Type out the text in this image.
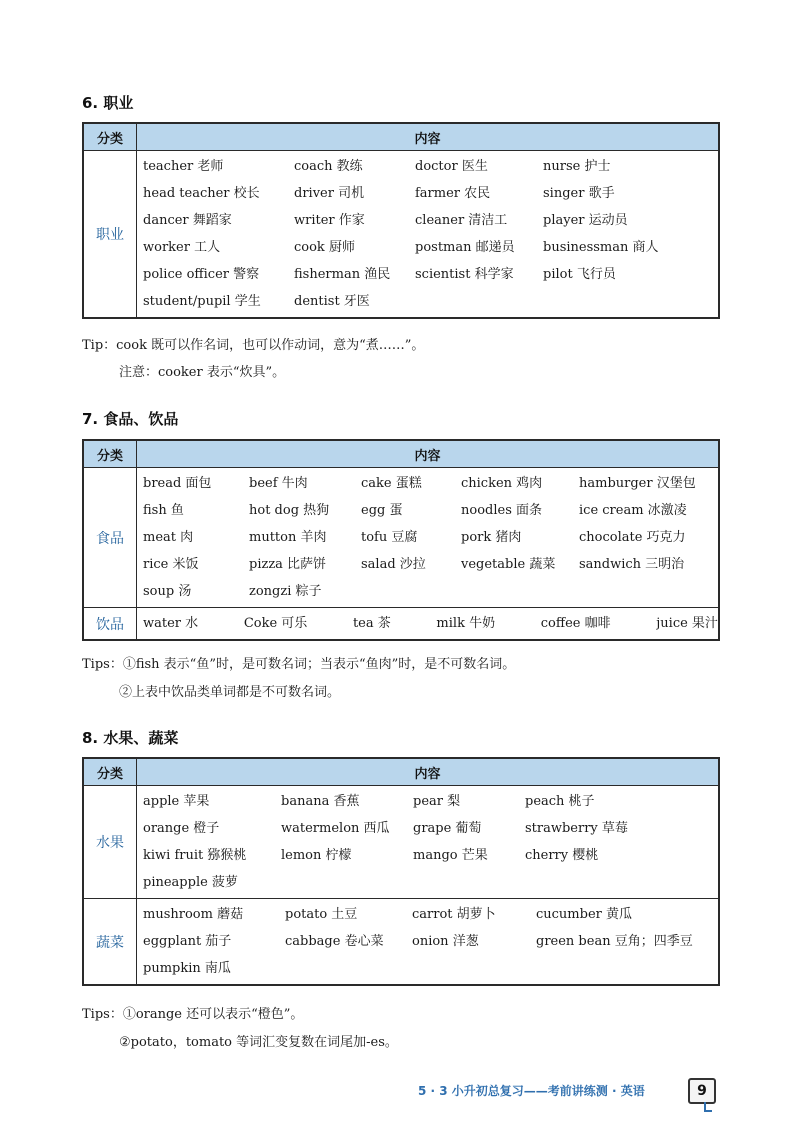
6. 职业
分类	内容
职业
teacher 老师	coach 教练	doctor 医生	nurse 护士
head teacher 校长	driver 司机	farmer 农民	singer 歌手
dancer 舞蹈家	writer 作家	cleaner 清洁工	player 运动员
worker 工人	cook 厨师	postman 邮递员	businessman 商人
police officer 警察	fisherman 渔民	scientist 科学家	pilot 飞行员
student/pupil 学生	dentist 牙医
Tip：cook 既可以作名词，也可以作动词，意为“煮……”。
注意：cooker 表示“炊具”。
7. 食品、饮品
分类	内容
食品
bread 面包	beef 牛肉	cake 蛋糕	chicken 鸡肉	hamburger 汉堡包
fish 鱼	hot dog 热狗	egg 蛋	noodles 面条	ice cream 冰激凌
meat 肉	mutton 羊肉	tofu 豆腐	pork 猪肉	chocolate 巧克力
rice 米饭	pizza 比萨饼	salad 沙拉	vegetable 蔬菜	sandwich 三明治
soup 汤	zongzi 粽子
饮品	water 水	Coke 可乐	tea 茶	milk 牛奶	coffee 咖啡	juice 果汁
Tips：①fish 表示“鱼”时，是可数名词；当表示“鱼肉”时，是不可数名词。
②上表中饮品类单词都是不可数名词。
8. 水果、蔬菜
分类	内容
水果
apple 苹果	banana 香蕉	pear 梨	peach 桃子
orange 橙子	watermelon 西瓜	grape 葡萄	strawberry 草莓
kiwi fruit 猕猴桃	lemon 柠檬	mango 芒果	cherry 樱桃
pineapple 菠萝
蔬菜
mushroom 蘑菇	potato 土豆	carrot 胡萝卜	cucumber 黄瓜
eggplant 茄子	cabbage 卷心菜	onion 洋葱	green bean 豆角；四季豆
pumpkin 南瓜
Tips：①orange 还可以表示“橙色”。
②potato，tomato 等词汇变复数在词尾加-es。
5 · 3 小升初总复习——考前讲练测 · 英语	9
